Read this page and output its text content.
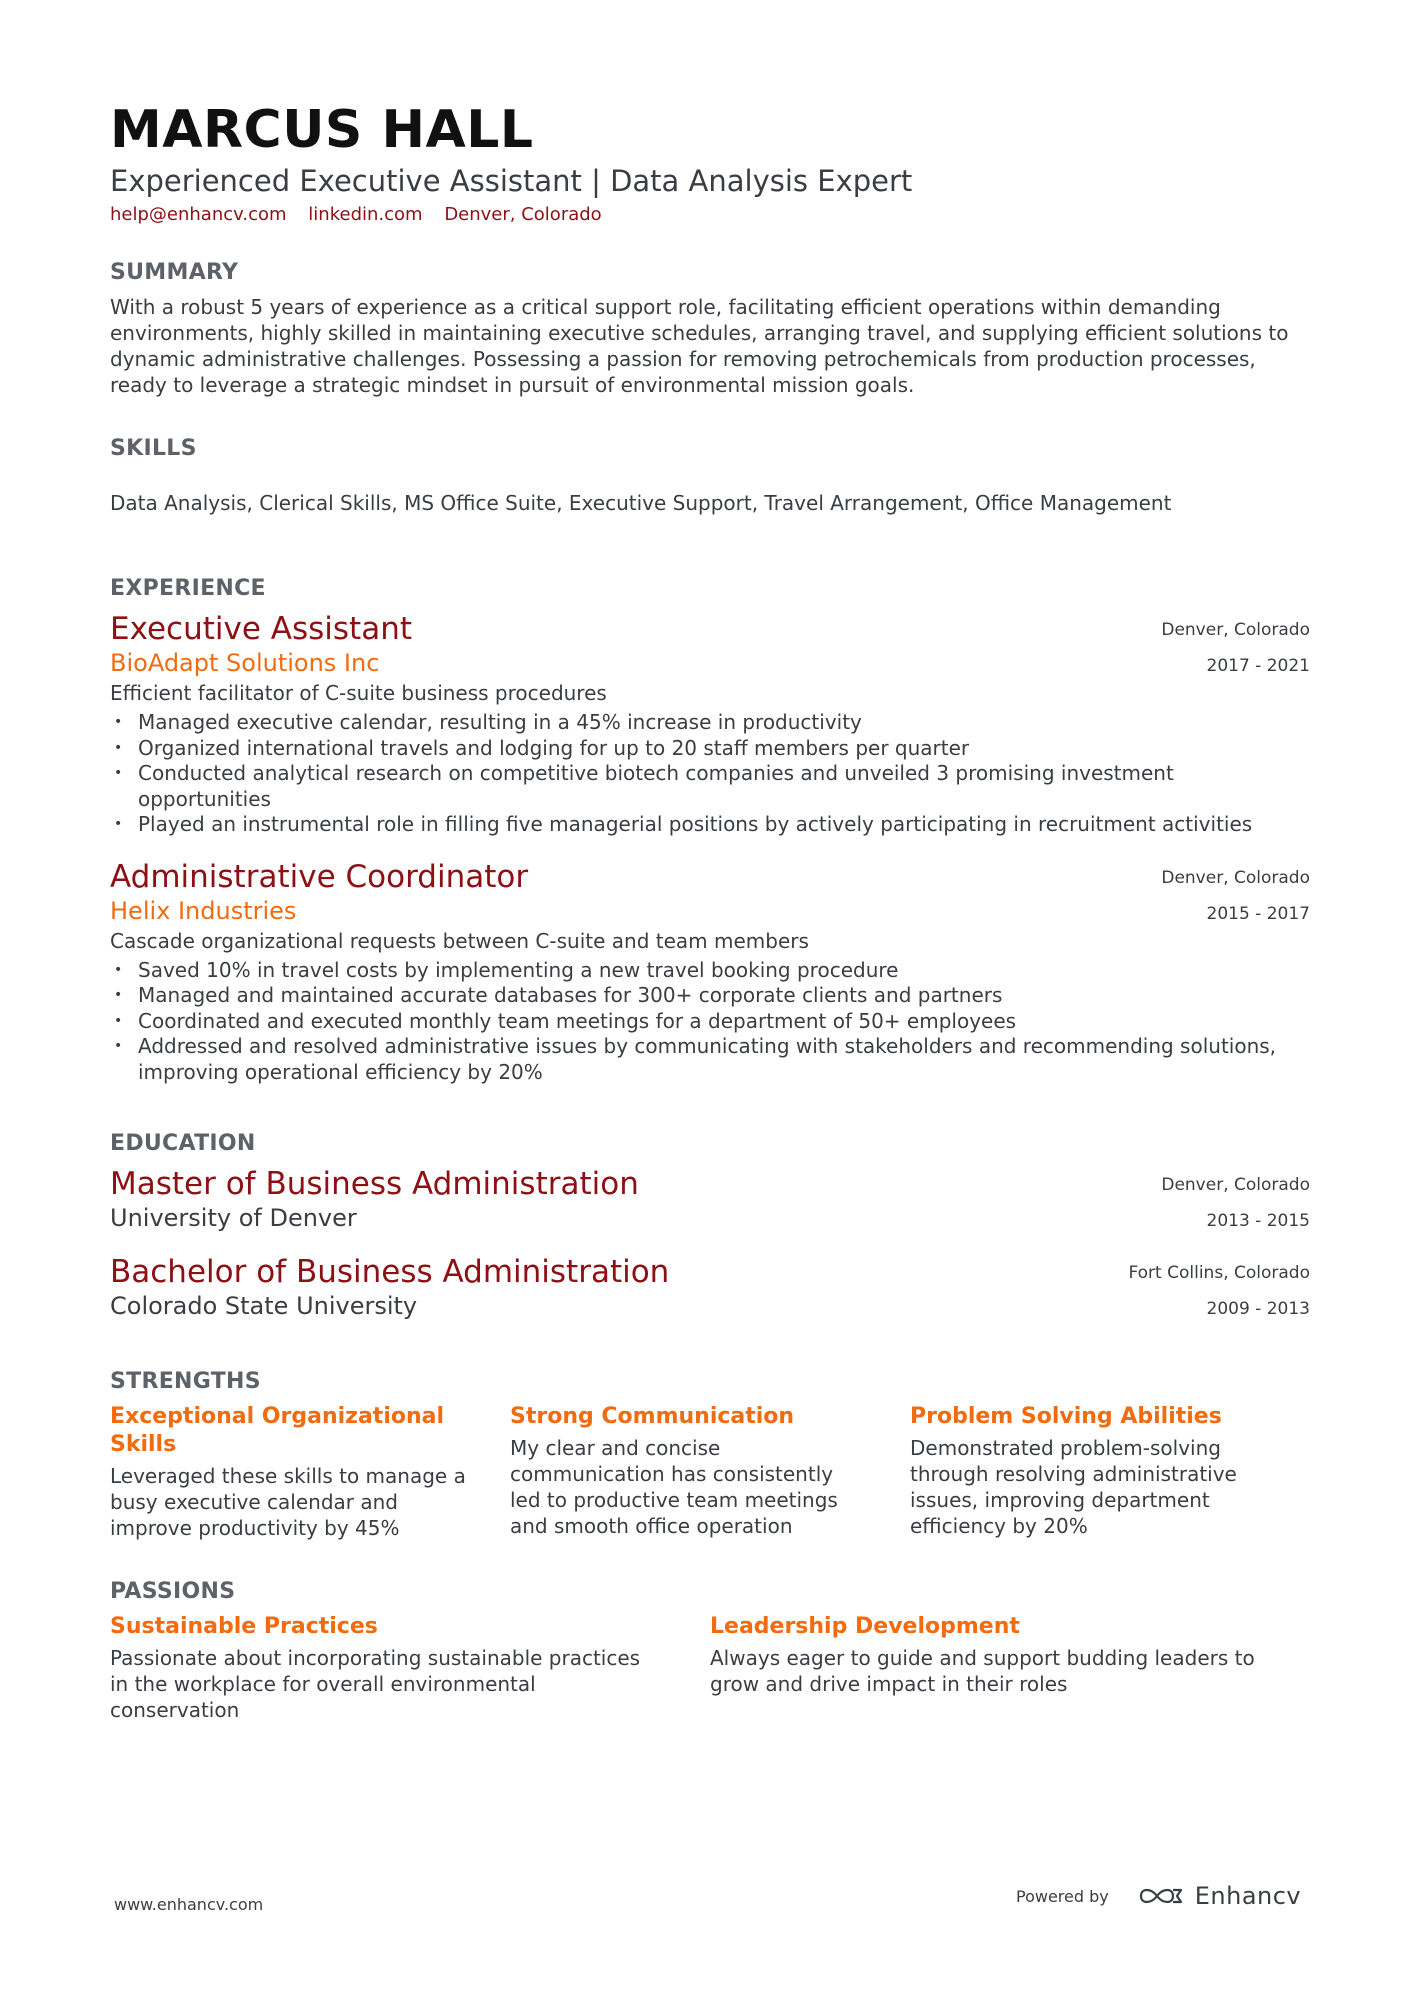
MARCUS HALL
Experienced Executive Assistant | Data Analysis Expert
help@enhancv.com linkedin.com Denver, Colorado
SUMMARY
With a robust 5 years of experience as a critical support role, facilitating efficient operations within demanding environments, highly skilled in maintaining executive schedules, arranging travel, and supplying efficient solutions to dynamic administrative challenges. Possessing a passion for removing petrochemicals from production processes, ready to leverage a strategic mindset in pursuit of environmental mission goals.
SKILLS
Data Analysis, Clerical Skills, MS Office Suite, Executive Support, Travel Arrangement, Office Management
EXPERIENCE
Executive Assistant
BioAdapt Solutions Inc
Denver, Colorado
2017 - 2021
Efficient facilitator of C-suite business procedures
• Managed executive calendar, resulting in a 45% increase in productivity
• Organized international travels and lodging for up to 20 staff members per quarter
• Conducted analytical research on competitive biotech companies and unveiled 3 promising investment opportunities
• Played an instrumental role in filling five managerial positions by actively participating in recruitment activities
Administrative Coordinator
Helix Industries
Denver, Colorado
2015 - 2017
Cascade organizational requests between C-suite and team members
• Saved 10% in travel costs by implementing a new travel booking procedure
• Managed and maintained accurate databases for 300+ corporate clients and partners
• Coordinated and executed monthly team meetings for a department of 50+ employees
• Addressed and resolved administrative issues by communicating with stakeholders and recommending solutions, improving operational efficiency by 20%
EDUCATION
Master of Business Administration
University of Denver
Denver, Colorado
2013 - 2015
Bachelor of Business Administration
Colorado State University
Fort Collins, Colorado
2009 - 2013
STRENGTHS
Exceptional Organizational Skills
Leveraged these skills to manage a busy executive calendar and improve productivity by 45%
Strong Communication
My clear and concise communication has consistently led to productive team meetings and smooth office operation
Problem Solving Abilities
Demonstrated problem-solving through resolving administrative issues, improving department efficiency by 20%
PASSIONS
Sustainable Practices
Passionate about incorporating sustainable practices in the workplace for overall environmental conservation
Leadership Development
Always eager to guide and support budding leaders to grow and drive impact in their roles
www.enhancv.com	Powered by	Enhancv
